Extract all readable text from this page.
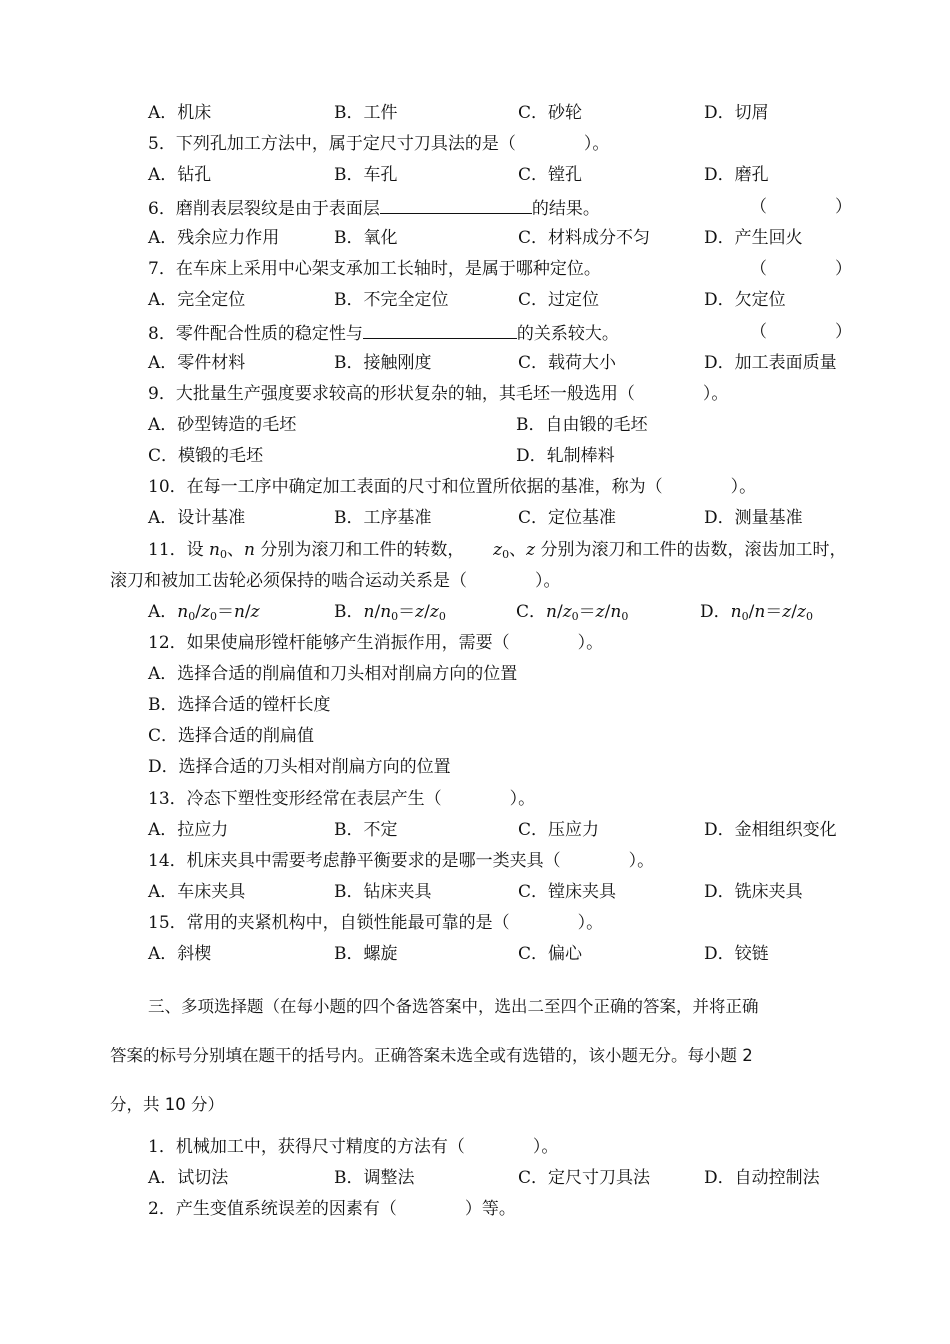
A．机床	B．工件	C．砂轮	D．切屑
5．下列孔加工方法中，属于定尺寸刀具法的是（　　　　）。
A．钻孔	B．车孔	C．镗孔	D．磨孔
6．磨削表层裂纹是由于表面层	的结果。	（　　　　）
A．残余应力作用	B．氧化	C．材料成分不匀	D．产生回火
7．在车床上采用中心架支承加工长轴时，是属于哪种定位。	（　　　　）
A．完全定位	B．不完全定位	C．过定位	D．欠定位
8．零件配合性质的稳定性与	的关系较大。	（　　　　）
A．零件材料	B．接触刚度	C．载荷大小	D．加工表面质量
9．大批量生产强度要求较高的形状复杂的轴，其毛坯一般选用（　　　　）。
A．砂型铸造的毛坯	B．自由锻的毛坯
C．模锻的毛坯	D．轧制棒料
10．在每一工序中确定加工表面的尺寸和位置所依据的基准，称为（　　　　）。
A．设计基准	B．工序基准	C．定位基准	D．测量基准
11．设 $n_0$、n 分别为滚刀和工件的转数， $z_0$、z 分别为滚刀和工件的齿数，滚齿加工时，
滚刀和被加工齿轮必须保持的啮合运动关系是（　　　　）。
A．$n_0/z_0=n/z$	B．$n/n_0=z/z_0$	C．$n/z_0=z/n_0$	D．$n_0/n=z/z_0$
12．如果使扁形镗杆能够产生消振作用，需要（　　　　）。
A．选择合适的削扁值和刀头相对削扁方向的位置
B．选择合适的镗杆长度
C．选择合适的削扁值
D．选择合适的刀头相对削扁方向的位置
13．冷态下塑性变形经常在表层产生（　　　　）。
A．拉应力	B．不定	C．压应力	D．金相组织变化
14．机床夹具中需要考虑静平衡要求的是哪一类夹具（　　　　）。
A．车床夹具	B．钻床夹具	C．镗床夹具	D．铣床夹具
15．常用的夹紧机构中，自锁性能最可靠的是（　　　　）。
A．斜楔	B．螺旋	C．偏心	D．铰链
三、多项选择题（在每小题的四个备选答案中，选出二至四个正确的答案，并将正确
答案的标号分别填在题干的括号内。正确答案未选全或有选错的，该小题无分。每小题 2
分，共 10 分）
1．机械加工中，获得尺寸精度的方法有（　　　　）。
A．试切法	B．调整法	C．定尺寸刀具法	D．自动控制法
2．产生变值系统误差的因素有（　　　　）等。
